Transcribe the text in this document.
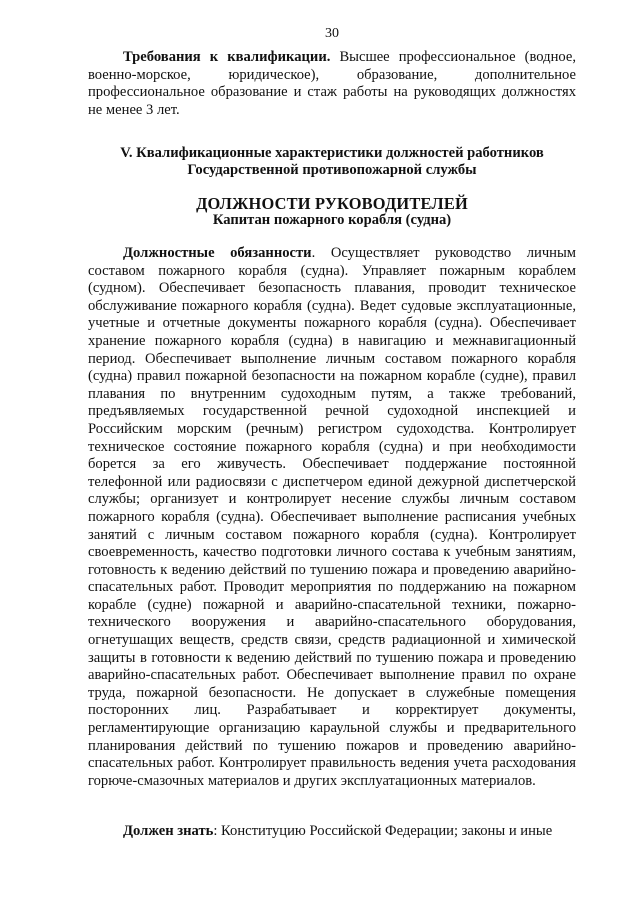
30
Требования к квалификации. Высшее профессиональное (водное, военно-морское, юридическое), образование, дополнительное профессиональное образование и стаж работы на руководящих должностях не менее 3 лет.
V. Квалификационные характеристики должностей работников
Государственной противопожарной службы
ДОЛЖНОСТИ РУКОВОДИТЕЛЕЙ
Капитан пожарного корабля (судна)
Должностные обязанности. Осуществляет руководство личным составом пожарного корабля (судна). Управляет пожарным кораблем (судном). Обеспечивает безопасность плавания, проводит техническое обслуживание пожарного корабля (судна). Ведет судовые эксплуатационные, учетные и отчетные документы пожарного корабля (судна). Обеспечивает хранение пожарного корабля (судна) в навигацию и межнавигационный период. Обеспечивает выполнение личным составом пожарного корабля (судна) правил пожарной безопасности на пожарном корабле (судне), правил плавания по внутренним судоходным путям, а также требований, предъявляемых государственной речной судоходной инспекцией и Российским морским (речным) регистром судоходства. Контролирует техническое состояние пожарного корабля (судна) и при необходимости борется за его живучесть. Обеспечивает поддержание постоянной телефонной или радиосвязи с диспетчером единой дежурной диспетчерской службы; организует и контролирует несение службы личным составом пожарного корабля (судна). Обеспечивает выполнение расписания учебных занятий с личным составом пожарного корабля (судна). Контролирует своевременность, качество подготовки личного состава к учебным занятиям, готовность к ведению действий по тушению пожара и проведению аварийно-спасательных работ. Проводит мероприятия по поддержанию на пожарном корабле (судне) пожарной и аварийно-спасательной техники, пожарно-технического вооружения и аварийно-спасательного оборудования, огнетушащих веществ, средств связи, средств радиационной и химической защиты в готовности к ведению действий по тушению пожара и проведению аварийно-спасательных работ. Обеспечивает выполнение правил по охране труда, пожарной безопасности. Не допускает в служебные помещения посторонних лиц. Разрабатывает и корректирует документы, регламентирующие организацию караульной службы и предварительного планирования действий по тушению пожаров и проведению аварийно-спасательных работ. Контролирует правильность ведения учета расходования горюче-смазочных материалов и других эксплуатационных материалов.
Должен знать: Конституцию Российской Федерации; законы и иные
